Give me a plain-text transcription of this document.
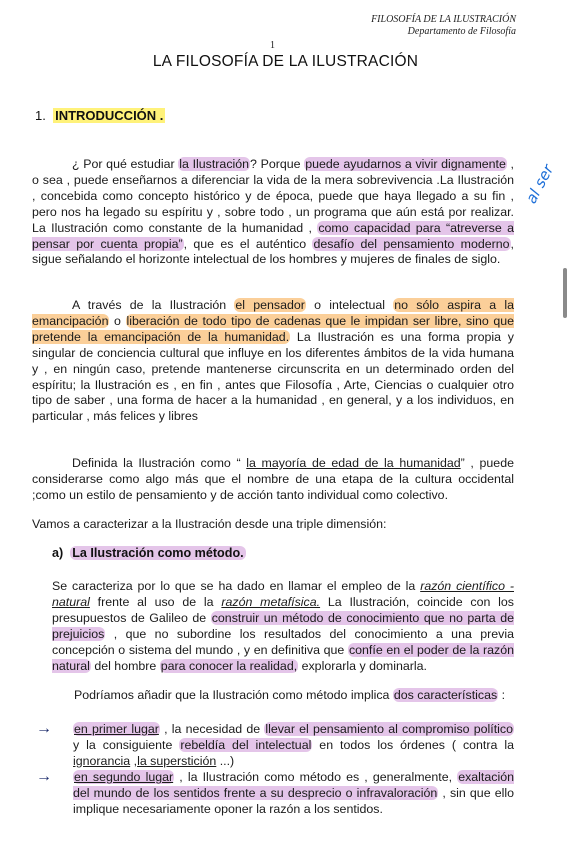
FILOSOFÍA DE LA ILUSTRACIÓN
Departamento de Filosofía
1
LA FILOSOFÍA DE LA ILUSTRACIÓN
1. INTRODUCCIÓN .

¿ Por qué estudiar la Ilustración? Porque puede ayudarnos a vivir dignamente , o sea , puede enseñarnos a diferenciar la vida de la mera sobrevivencia .La Ilustración , concebida como concepto histórico y de época, puede que haya llegado a su fin , pero nos ha legado su espíritu y , sobre todo , un programa que aún está por realizar. La Ilustración como constante de la humanidad , como capacidad para “atreverse a pensar por cuenta propia”, que es el auténtico desafío del pensamiento moderno, sigue señalando el horizonte intelectual de los hombres y mujeres de finales de siglo.

A través de la Ilustración el pensador o intelectual no sólo aspira a la emancipación o liberación de todo tipo de cadenas que le impidan ser libre, sino que pretende la emancipación de la humanidad. La Ilustración es una forma propia y singular de conciencia cultural que influye en los diferentes ámbitos de la vida humana y , en ningún caso, pretende mantenerse circunscrita en un determinado orden del espíritu; la Ilustración es , en fin , antes que Filosofía , Arte, Ciencias o cualquier otro tipo de saber , una forma de hacer a la humanidad , en general, y a los individuos, en particular , más felices y libres

Definida la Ilustración como “ la mayoría de edad de la humanidad” , puede considerarse como algo más que el nombre de una etapa de la cultura occidental ;como un estilo de pensamiento y de acción tanto individual como colectivo.

Vamos a caracterizar a la Ilustración desde una triple dimensión:

a) La Ilustración como método.

Se caracteriza por lo que se ha dado en llamar el empleo de la razón científico - natural frente al uso de la razón metafísica. La Ilustración, coincide con los presupuestos de Galileo de construir un método de conocimiento que no parta de prejuicios , que no subordine los resultados del conocimiento a una previa concepción o sistema del mundo , y en definitiva que confíe en el poder de la razón natural del hombre para conocer la realidad, explorarla y dominarla.

Podríamos añadir que la Ilustración como método implica dos características :

→ en primer lugar , la necesidad de llevar el pensamiento al compromiso político y la consiguiente rebeldía del intelectual en todos los órdenes ( contra la ignorancia ,la superstición ...)

→ en segundo lugar , la Ilustración como método es , generalmente, exaltación del mundo de los sentidos frente a su desprecio o infravaloración , sin que ello implique necesariamente oponer la razón a los sentidos.

al ser
